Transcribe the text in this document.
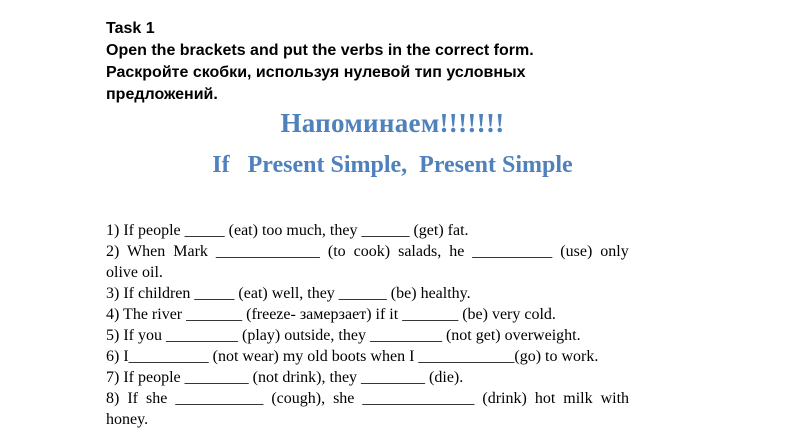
Task 1
Open the brackets and put the verbs in the correct form.
Раскройте скобки, используя нулевой тип условных
предложений.
Напоминаем!!!!!!!
If   Present Simple,  Present Simple
1) If people _____ (eat) too much, they ______ (get) fat.
2)  When  Mark  _____________  (to  cook)  salads,  he  __________  (use)  only
olive oil.
3) If children _____ (eat) well, they ______ (be) healthy.
4) The river _______ (freeze- замерзает) if it _______ (be) very cold.
5) If you _________ (play) outside, they _________ (not get) overweight.
6) I__________ (not wear) my old boots when I ____________(go) to work.
7) If people ________ (not drink), they ________ (die).
8)  If  she  ___________  (cough),  she  ______________  (drink)  hot  milk  with
honey.
